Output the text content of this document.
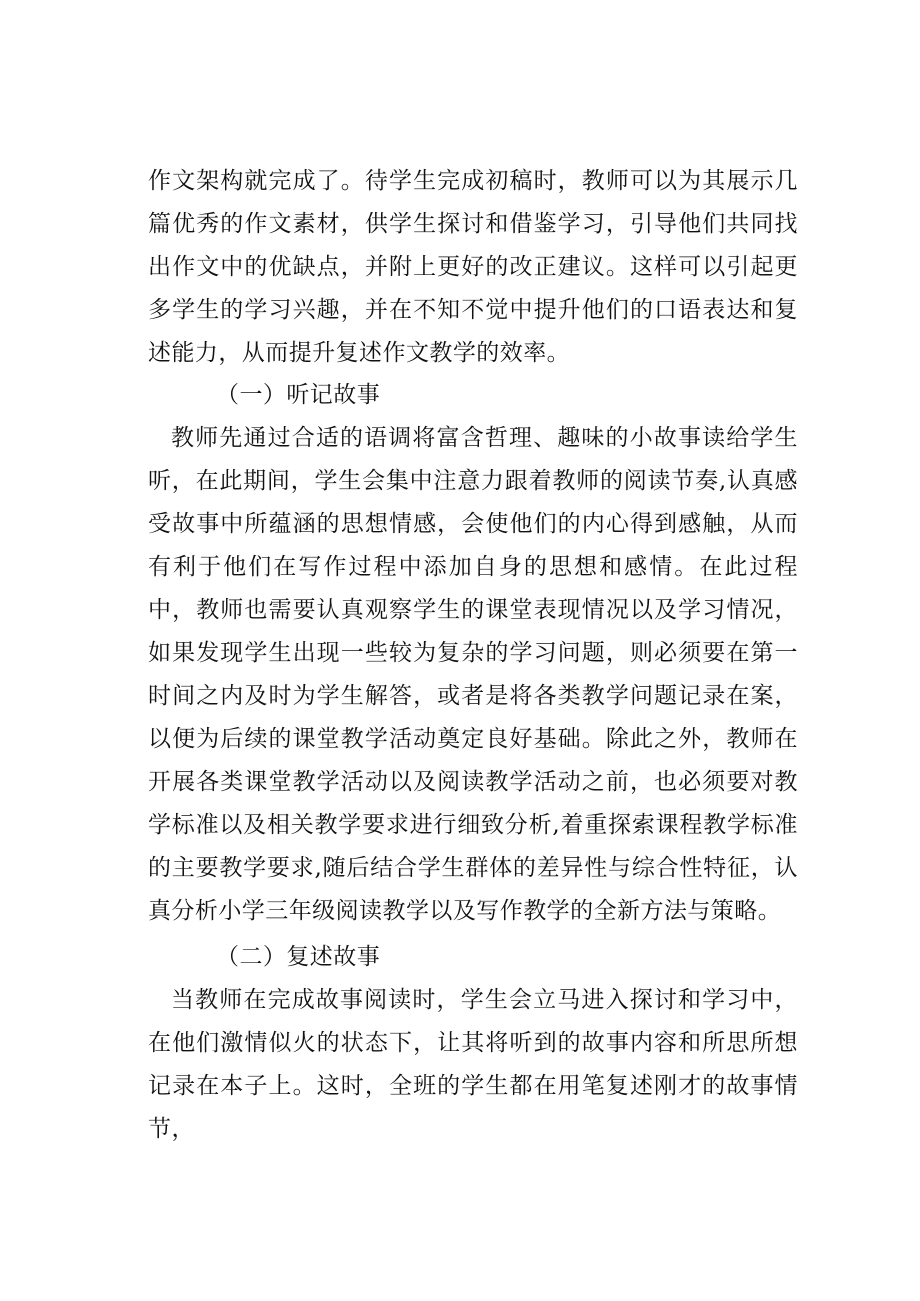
作文架构就完成了。待学生完成初稿时，教师可以为其展示几篇优秀的作文素材，供学生探讨和借鉴学习，引导他们共同找出作文中的优缺点，并附上更好的改正建议。这样可以引起更多学生的学习兴趣，并在不知不觉中提升他们的口语表达和复述能力，从而提升复述作文教学的效率。

（一）听记故事

教师先通过合适的语调将富含哲理、趣味的小故事读给学生听，在此期间，学生会集中注意力跟着教师的阅读节奏,认真感受故事中所蕴涵的思想情感，会使他们的内心得到感触，从而有利于他们在写作过程中添加自身的思想和感情。在此过程中，教师也需要认真观察学生的课堂表现情况以及学习情况，如果发现学生出现一些较为复杂的学习问题，则必须要在第一时间之内及时为学生解答，或者是将各类教学问题记录在案，以便为后续的课堂教学活动奠定良好基础。除此之外，教师在开展各类课堂教学活动以及阅读教学活动之前，也必须要对教学标准以及相关教学要求进行细致分析,着重探索课程教学标准的主要教学要求,随后结合学生群体的差异性与综合性特征，认真分析小学三年级阅读教学以及写作教学的全新方法与策略。

（二）复述故事

当教师在完成故事阅读时，学生会立马进入探讨和学习中，在他们激情似火的状态下，让其将听到的故事内容和所思所想记录在本子上。这时，全班的学生都在用笔复述刚才的故事情节，
